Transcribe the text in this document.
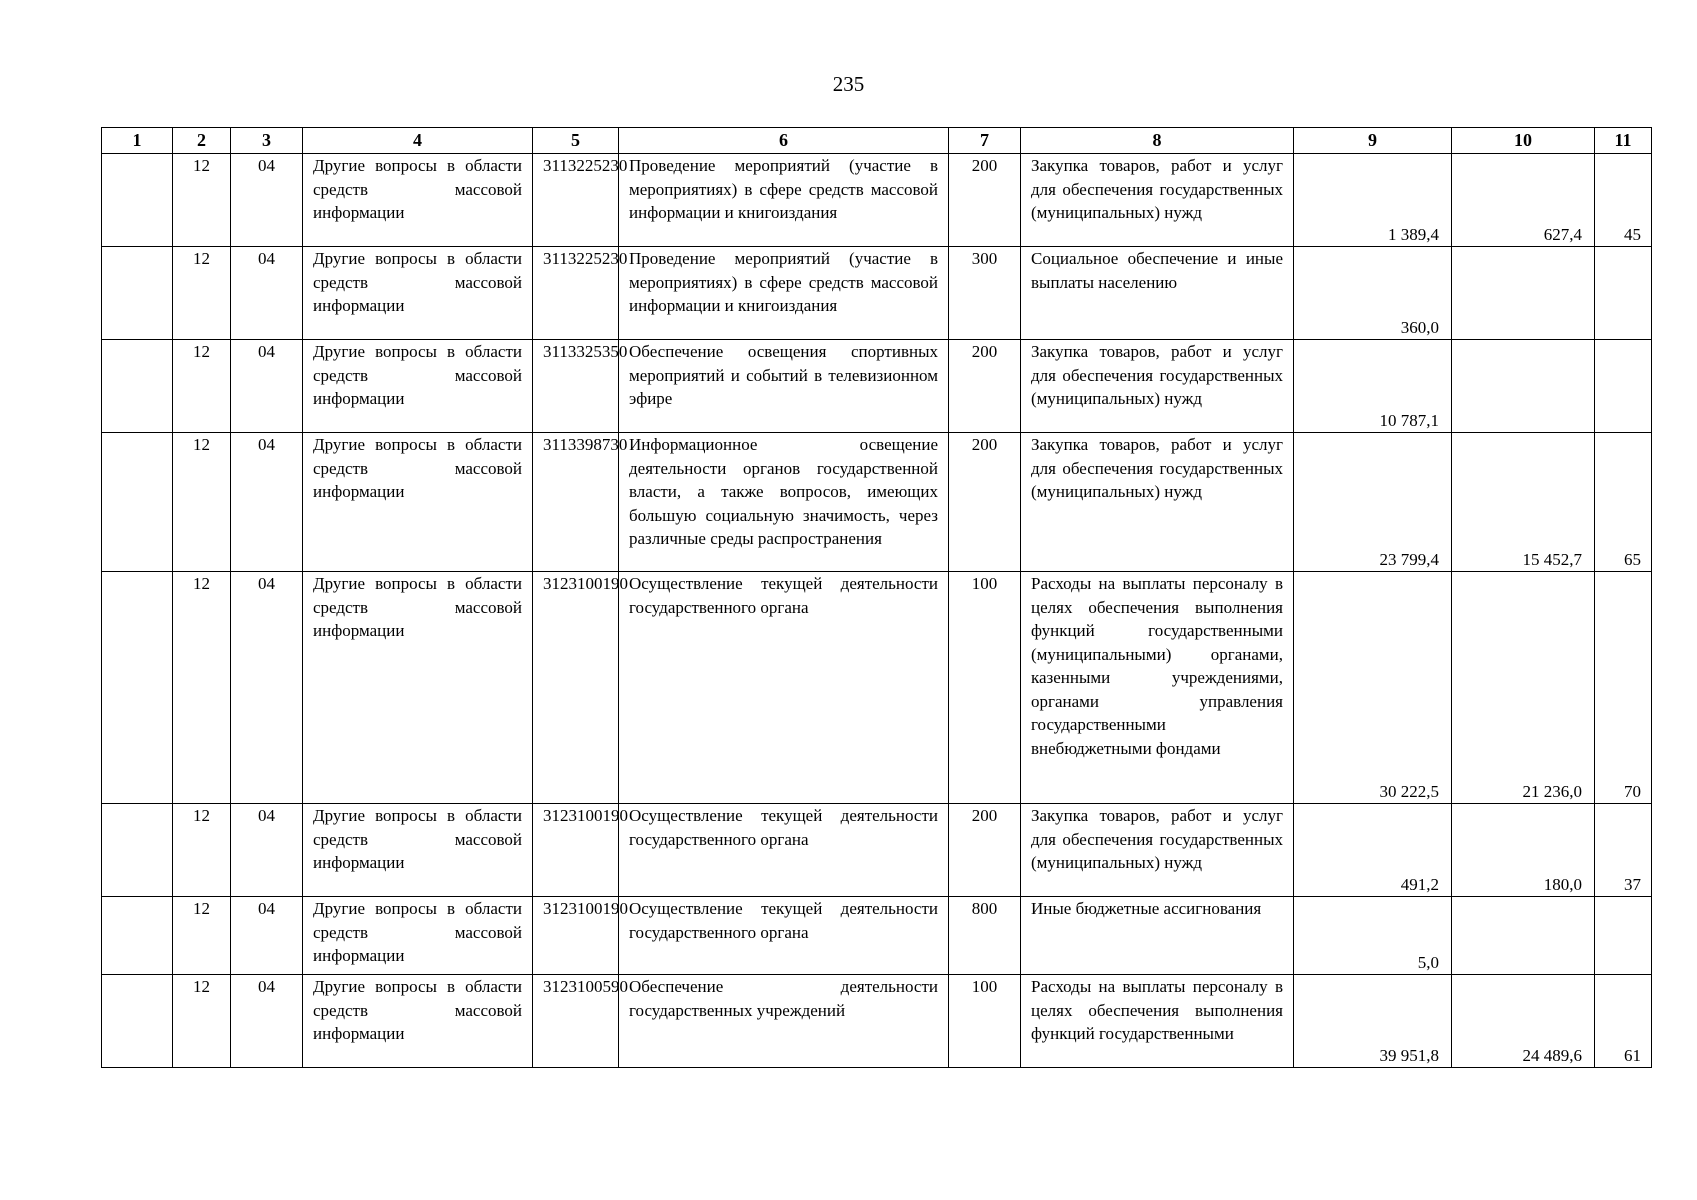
235
1	2	3	4	5	6	7	8	9	10	11
	12	04	Другие вопросы в области средств массовой информации	3113225230	Проведение мероприятий (участие в мероприятиях) в сфере средств массовой информации и книгоиздания	200	Закупка товаров, работ и услуг для обеспечения государственных (муниципальных) нужд	1 389,4	627,4	45
	12	04	Другие вопросы в области средств массовой информации	3113225230	Проведение мероприятий (участие в мероприятиях) в сфере средств массовой информации и книгоиздания	300	Социальное обеспечение и иные выплаты населению	360,0		
	12	04	Другие вопросы в области средств массовой информации	3113325350	Обеспечение освещения спортивных мероприятий и событий в телевизионном эфире	200	Закупка товаров, работ и услуг для обеспечения государственных (муниципальных) нужд	10 787,1		
	12	04	Другие вопросы в области средств массовой информации	3113398730	Информационное освещение деятельности органов государственной власти, а также вопросов, имеющих большую социальную значимость, через различные среды распространения	200	Закупка товаров, работ и услуг для обеспечения государственных (муниципальных) нужд	23 799,4	15 452,7	65
	12	04	Другие вопросы в области средств массовой информации	3123100190	Осуществление текущей деятельности государственного органа	100	Расходы на выплаты персоналу в целях обеспечения выполнения функций государственными (муниципальными) органами, казенными учреждениями, органами управления государственными внебюджетными фондами	30 222,5	21 236,0	70
	12	04	Другие вопросы в области средств массовой информации	3123100190	Осуществление текущей деятельности государственного органа	200	Закупка товаров, работ и услуг для обеспечения государственных (муниципальных) нужд	491,2	180,0	37
	12	04	Другие вопросы в области средств массовой информации	3123100190	Осуществление текущей деятельности государственного органа	800	Иные бюджетные ассигнования	5,0		
	12	04	Другие вопросы в области средств массовой информации	3123100590	Обеспечение деятельности государственных учреждений	100	Расходы на выплаты персоналу в целях обеспечения выполнения функций государственными	39 951,8	24 489,6	61
